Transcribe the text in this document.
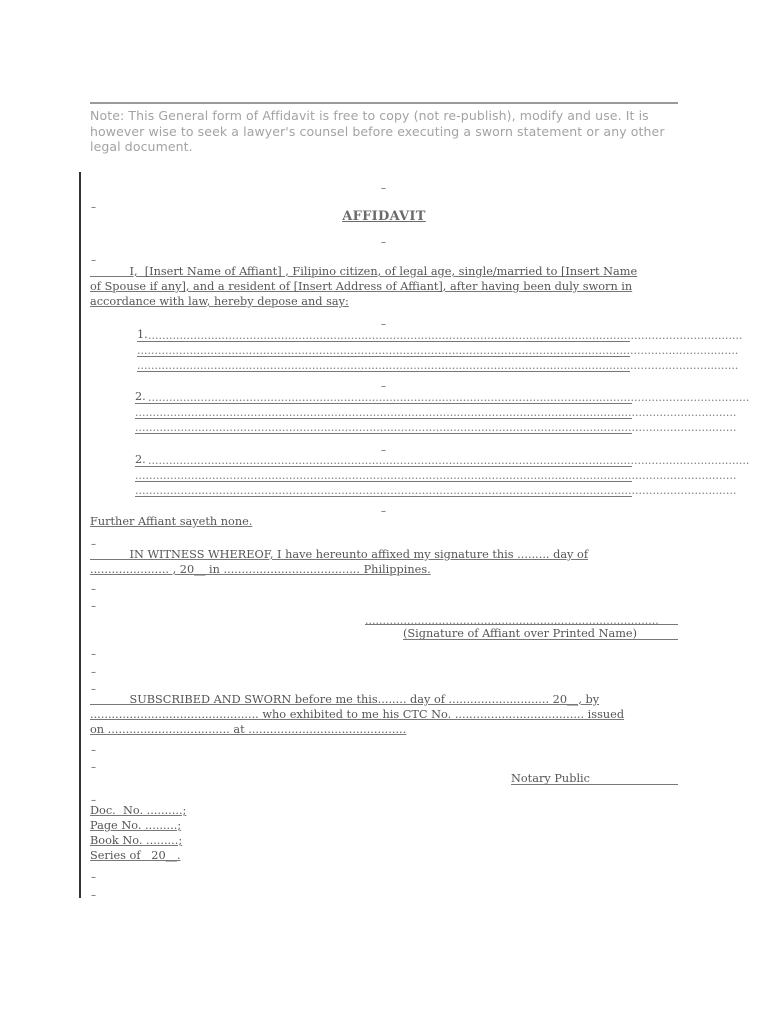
Note: This General form of Affidavit is free to copy (not re-publish), modify and use. It is however wise to seek a lawyer's counsel before executing a sworn statement or any other legal document.
–
–
AFFIDAVIT
–
–
I,  [Insert Name of Affiant] , Filipino citizen, of legal age, single/married to [Insert Name
of Spouse if any], and a resident of [Insert Address of Affiant], after having been duly sworn in
accordance with law, hereby depose and say:
–
1. ..........................................................................................................................................................................
............................................................................................................................................................................
............................................................................................................................................................................
–
2. ............................................................................................................................................................................
............................................................................................................................................................................
............................................................................................................................................................................
–
2. ............................................................................................................................................................................
............................................................................................................................................................................
............................................................................................................................................................................
–
Further Affiant sayeth none.
–
IN WITNESS WHEREOF, I have hereunto affixed my signature this ......... day of
...................... , 20__ in ...................................... Philippines.
–
–
....................................................................................
(Signature of Affiant over Printed Name)
–
–
–
SUBSCRIBED AND SWORN before me this........ day of ............................ 20__, by
............................................... who exhibited to me his CTC No. .................................... issued
on .................................. at ............................................
–
–
Notary Public
–
Doc.  No. ..........;
Page No. .........;
Book No. .........;
Series of   20__.
–
–
